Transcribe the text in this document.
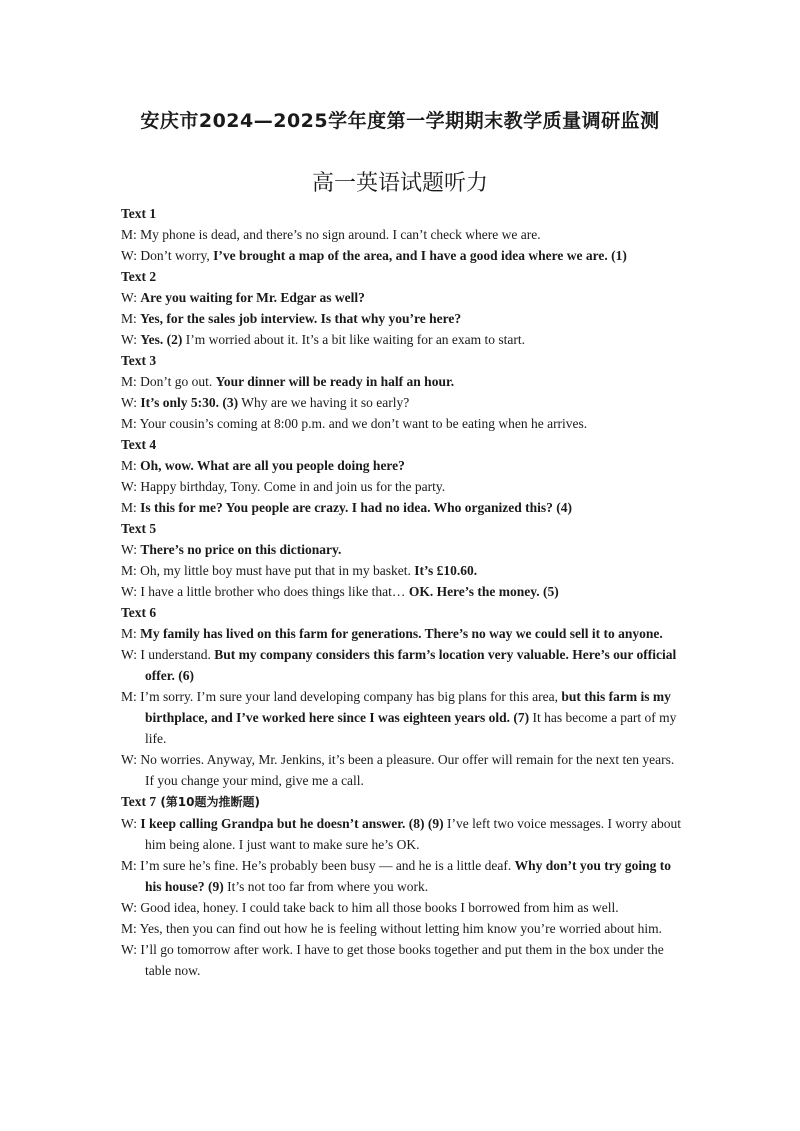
安庆市2024—2025学年度第一学期期末教学质量调研监测
高一英语试题听力
Text 1
M: My phone is dead, and there’s no sign around. I can’t check where we are.
W: Don’t worry, I’ve brought a map of the area, and I have a good idea where we are. (1)
Text 2
W: Are you waiting for Mr. Edgar as well?
M: Yes, for the sales job interview. Is that why you’re here?
W: Yes. (2) I’m worried about it. It’s a bit like waiting for an exam to start.
Text 3
M: Don’t go out. Your dinner will be ready in half an hour.
W: It’s only 5:30. (3) Why are we having it so early?
M: Your cousin’s coming at 8:00 p.m. and we don’t want to be eating when he arrives.
Text 4
M: Oh, wow. What are all you people doing here?
W: Happy birthday, Tony. Come in and join us for the party.
M: Is this for me? You people are crazy. I had no idea. Who organized this? (4)
Text 5
W: There’s no price on this dictionary.
M: Oh, my little boy must have put that in my basket. It’s £10.60.
W: I have a little brother who does things like that… OK. Here’s the money. (5)
Text 6
M: My family has lived on this farm for generations. There’s no way we could sell it to anyone.
W: I understand. But my company considers this farm’s location very valuable. Here’s our official offer. (6)
M: I’m sorry. I’m sure your land developing company has big plans for this area, but this farm is my birthplace, and I’ve worked here since I was eighteen years old. (7) It has become a part of my life.
W: No worries. Anyway, Mr. Jenkins, it’s been a pleasure. Our offer will remain for the next ten years. If you change your mind, give me a call.
Text 7 (第10题为推断题)
W: I keep calling Grandpa but he doesn’t answer. (8) (9) I’ve left two voice messages. I worry about him being alone. I just want to make sure he’s OK.
M: I’m sure he’s fine. He’s probably been busy — and he is a little deaf. Why don’t you try going to his house? (9) It’s not too far from where you work.
W: Good idea, honey. I could take back to him all those books I borrowed from him as well.
M: Yes, then you can find out how he is feeling without letting him know you’re worried about him.
W: I’ll go tomorrow after work. I have to get those books together and put them in the box under the table now.
